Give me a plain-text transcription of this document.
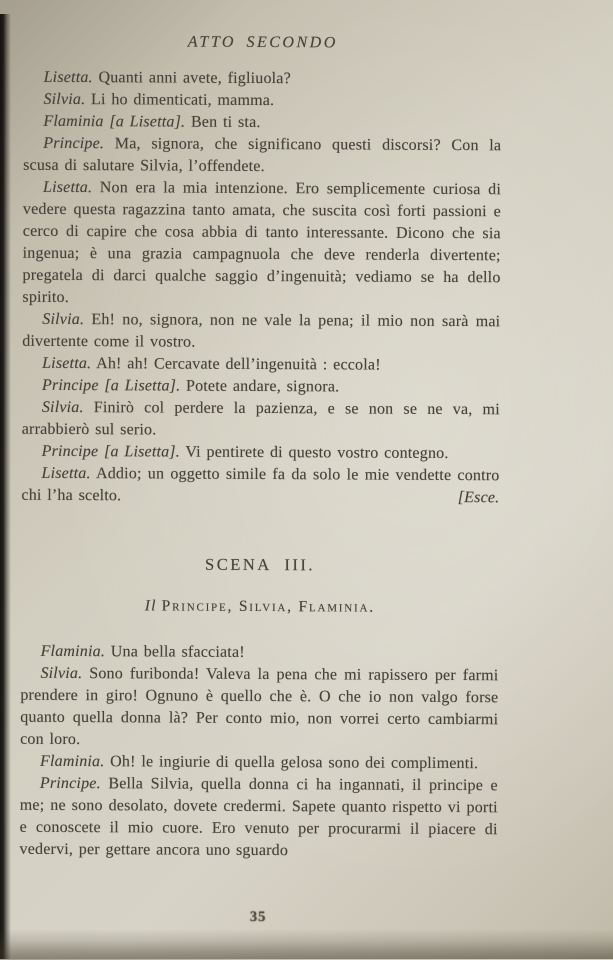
ATTO SECONDO

Lisetta. Quanti anni avete, figliuola?

Silvia. Li ho dimenticati, mamma.

Flaminia [a Lisetta]. Ben ti sta.

Principe. Ma, signora, che significano questi discorsi? Con la scusa di salutare Silvia, l’offendete.

Lisetta. Non era la mia intenzione. Ero semplicemente curiosa di vedere questa ragazzina tanto amata, che suscita così forti passioni e cerco di capire che cosa abbia di tanto interessante. Dicono che sia ingenua; è una grazia campagnuola che deve renderla divertente; pregatela di darci qualche saggio d’ingenuità; vediamo se ha dello spirito.

Silvia. Eh! no, signora, non ne vale la pena; il mio non sarà mai divertente come il vostro.

Lisetta. Ah! ah! Cercavate dell’ingenuità : eccola!

Principe [a Lisetta]. Potete andare, signora.

Silvia. Finirò col perdere la pazienza, e se non se ne va, mi arrabbierò sul serio.

Principe [a Lisetta]. Vi pentirete di questo vostro contegno.

Lisetta. Addio; un oggetto simile fa da solo le mie vendette contro chi l’ha scelto.	[Esce.

SCENA III.
Il Principe, Silvia, Flaminia.

Flaminia. Una bella sfacciata!

Silvia. Sono furibonda! Valeva la pena che mi rapissero per farmi prendere in giro! Ognuno è quello che è. O che io non valgo forse quanto quella donna là? Per conto mio, non vorrei certo cambiarmi con loro.

Flaminia. Oh! le ingiurie di quella gelosa sono dei complimenti.

Principe. Bella Silvia, quella donna ci ha ingannati, il principe e me; ne sono desolato, dovete credermi. Sapete quanto rispetto vi porti e conoscete il mio cuore. Ero venuto per procurarmi il piacere di vedervi, per gettare ancora uno sguardo

35
